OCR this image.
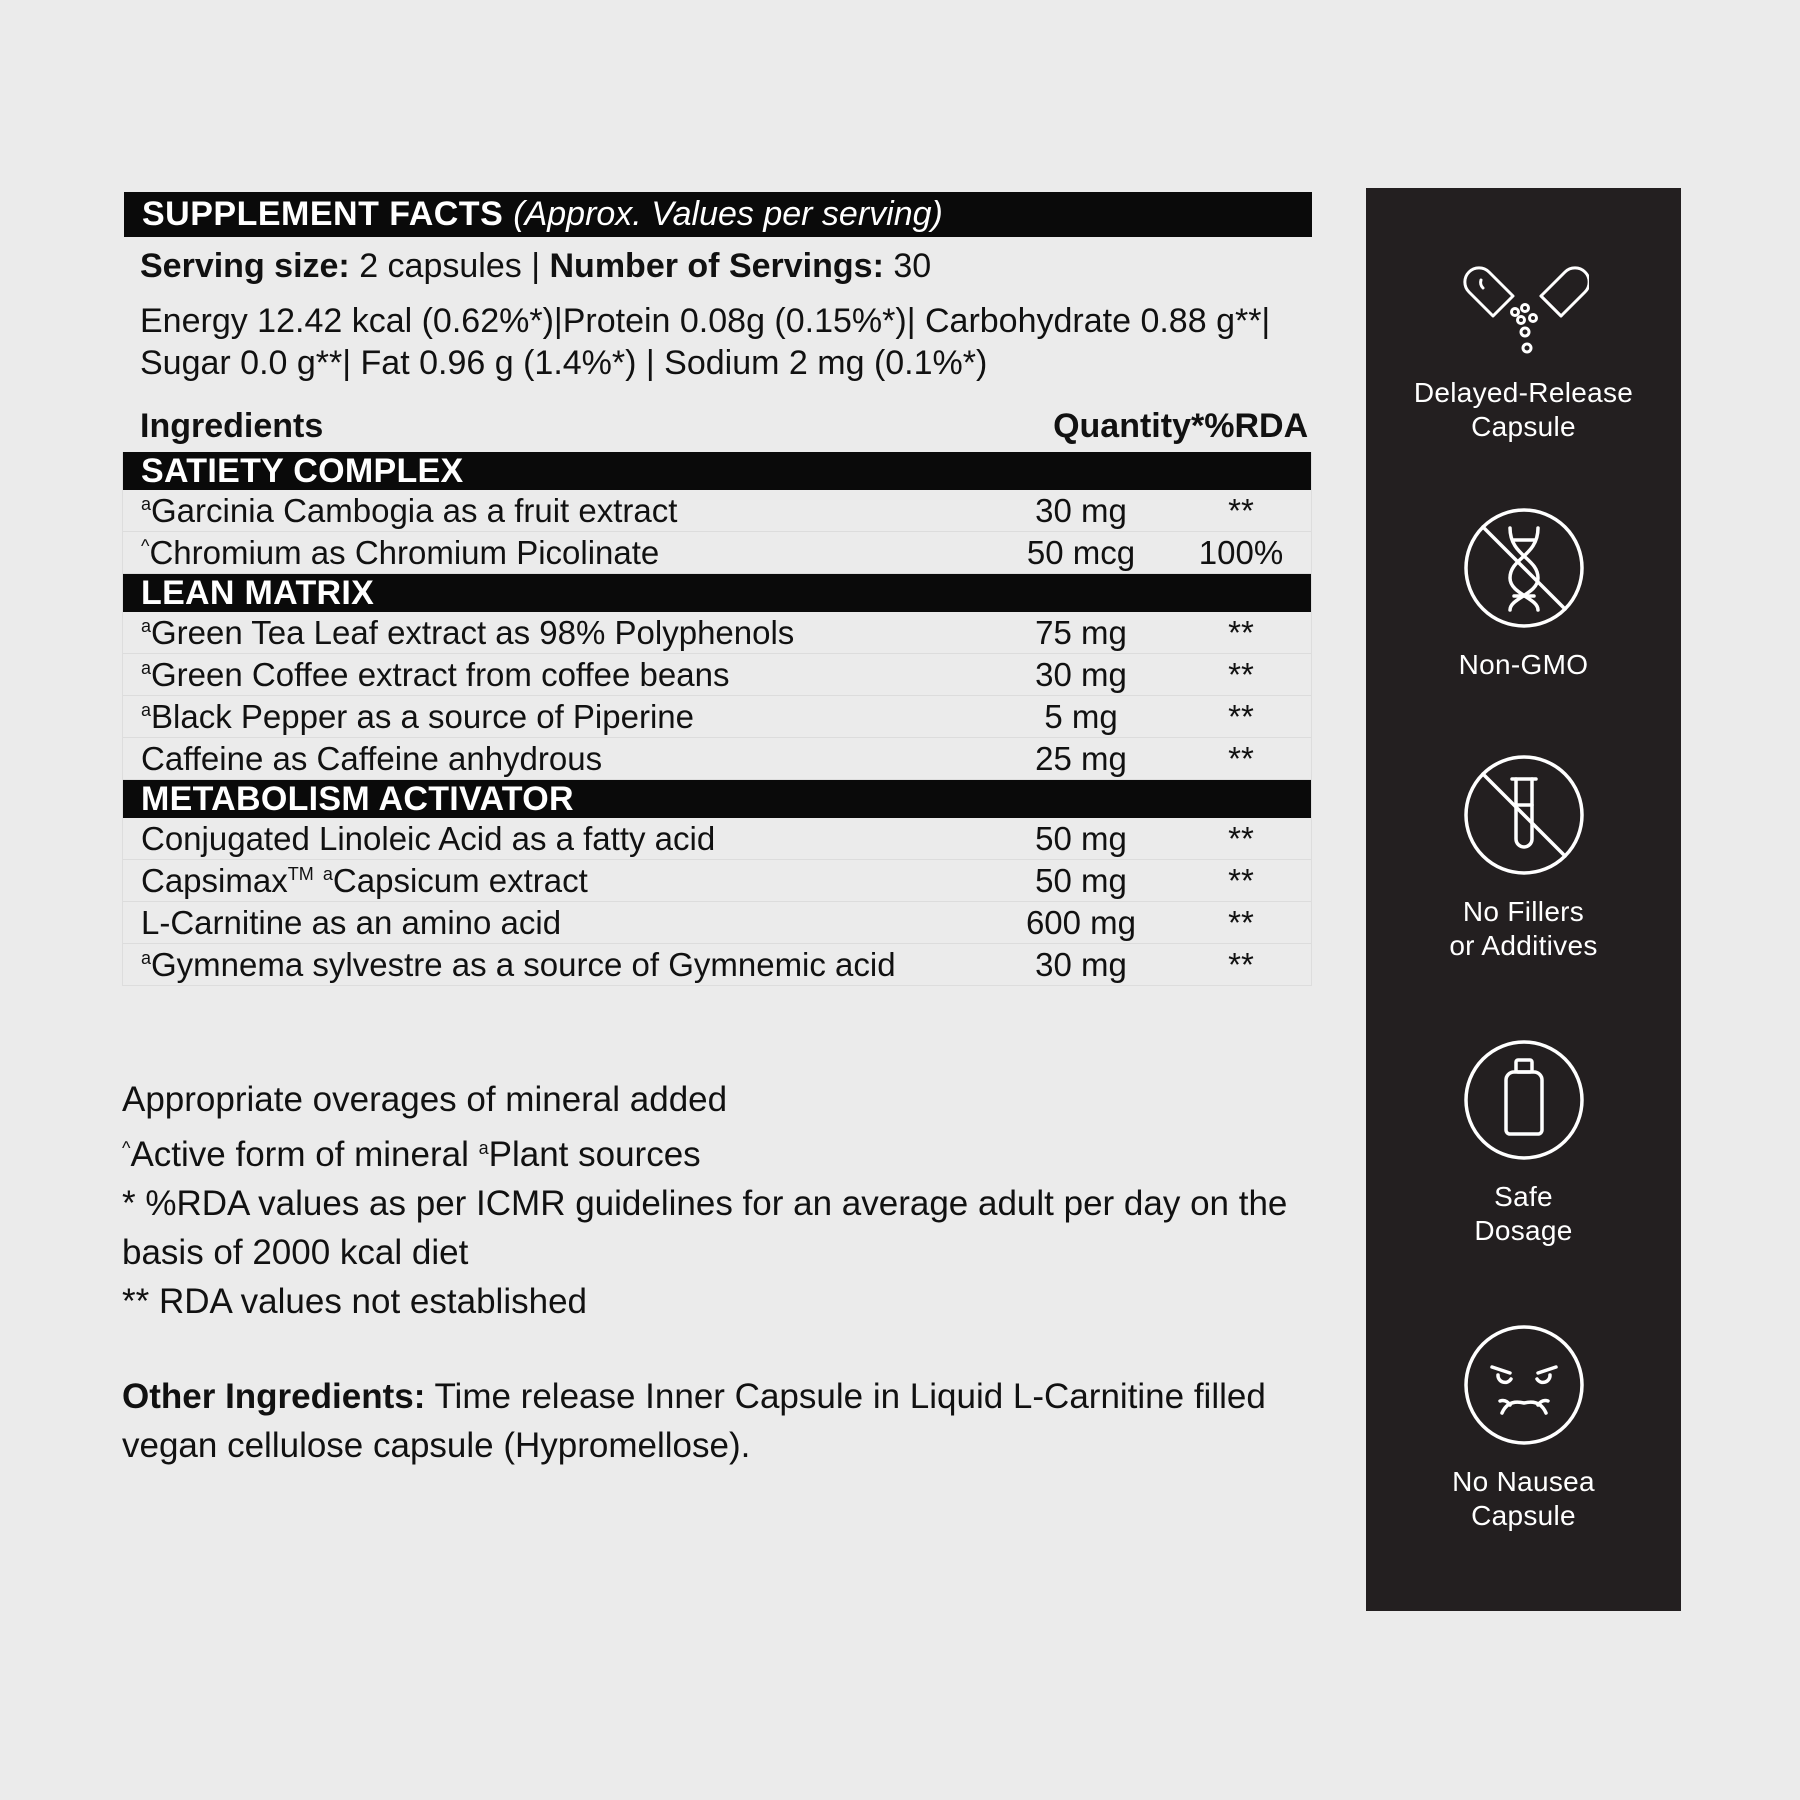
SUPPLEMENT FACTS (Approx. Values per serving)
Serving size: 2 capsules | Number of Servings: 30
Energy 12.42 kcal (0.62%*)|Protein 0.08g (0.15%*)| Carbohydrate 0.88 g**|
Sugar 0.0 g**| Fat 0.96 g (1.4%*) | Sodium 2 mg (0.1%*)
Ingredients	Quantity *%RDA
SATIETY COMPLEX
$^a$Garcinia Cambogia as a fruit extract	30 mg	**
^Chromium as Chromium Picolinate	50 mcg	100%
LEAN MATRIX
$^a$Green Tea Leaf extract as 98% Polyphenols	75 mg	**
$^a$Green Coffee extract from coffee beans	30 mg	**
$^a$Black Pepper as a source of Piperine	5 mg	**
Caffeine as Caffeine anhydrous	25 mg	**
METABOLISM ACTIVATOR
Conjugated Linoleic Acid as a fatty acid	50 mg	**
Capsimax™ $^a$Capsicum extract	50 mg	**
L-Carnitine as an amino acid	600 mg	**
$^a$Gymnema sylvestre as a source of Gymnemic acid	30 mg	**

Appropriate overages of mineral added

^Active form of mineral $^a$Plant sources

* %RDA values as per ICMR guidelines for an average adult per day on the basis of 2000 kcal diet

** RDA values not established

Other Ingredients: Time release Inner Capsule in Liquid L-Carnitine filled vegan cellulose capsule (Hypromellose).
Delayed-Release
Capsule
Non-GMO
No Fillers
or Additives
Safe
Dosage
No Nausea
Capsule
